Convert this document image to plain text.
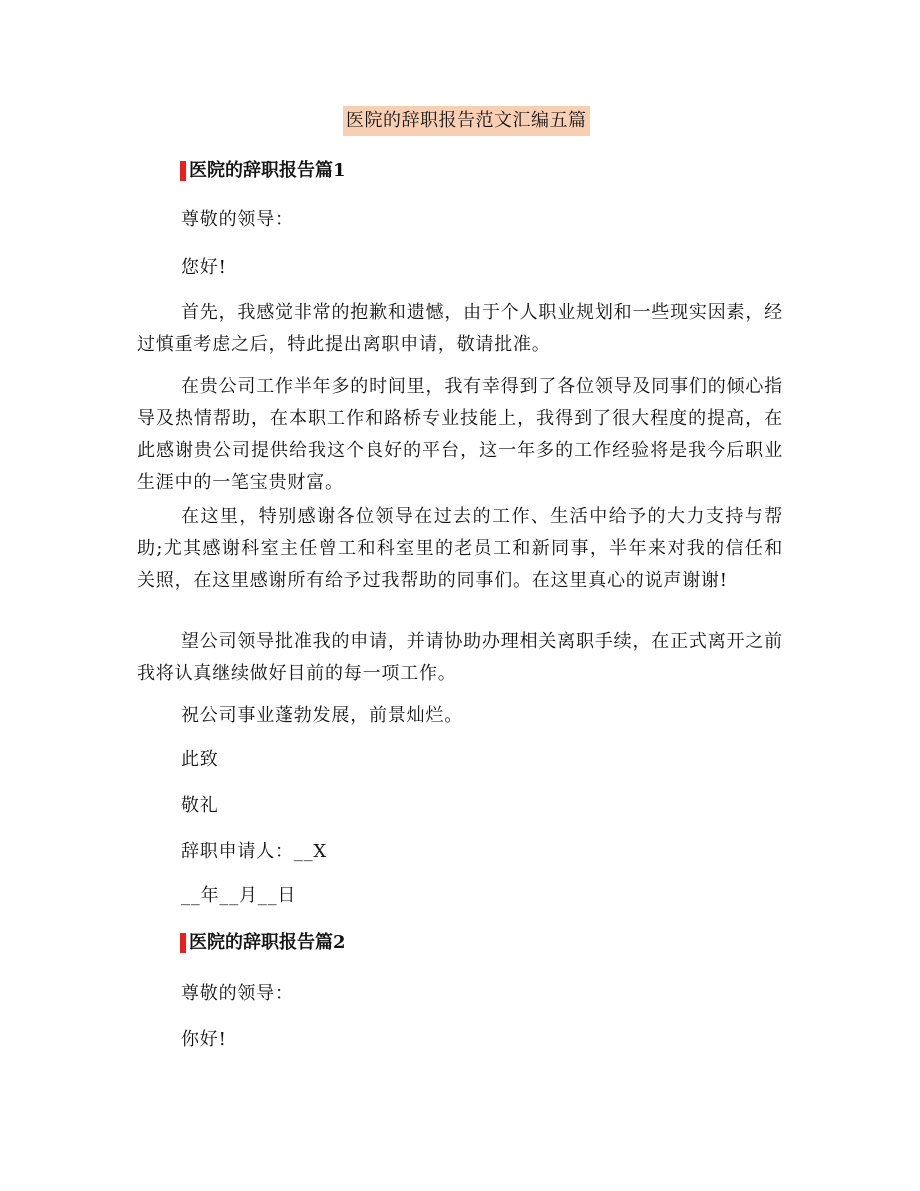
医院的辞职报告范文汇编五篇
医院的辞职报告篇1
尊敬的领导：
您好!
首先，我感觉非常的抱歉和遗憾，由于个人职业规划和一些现实因素，经过慎重考虑之后，特此提出离职申请，敬请批准。
在贵公司工作半年多的时间里，我有幸得到了各位领导及同事们的倾心指导及热情帮助，在本职工作和路桥专业技能上，我得到了很大程度的提高，在此感谢贵公司提供给我这个良好的平台，这一年多的工作经验将是我今后职业生涯中的一笔宝贵财富。
在这里，特别感谢各位领导在过去的工作、生活中给予的大力支持与帮助;尤其感谢科室主任曾工和科室里的老员工和新同事，半年来对我的信任和关照，在这里感谢所有给予过我帮助的同事们。在这里真心的说声谢谢!
望公司领导批准我的申请，并请协助办理相关离职手续，在正式离开之前我将认真继续做好目前的每一项工作。
祝公司事业蓬勃发展，前景灿烂。
此致
敬礼
辞职申请人：__X
__年__月__日
医院的辞职报告篇2
尊敬的领导：
你好!
